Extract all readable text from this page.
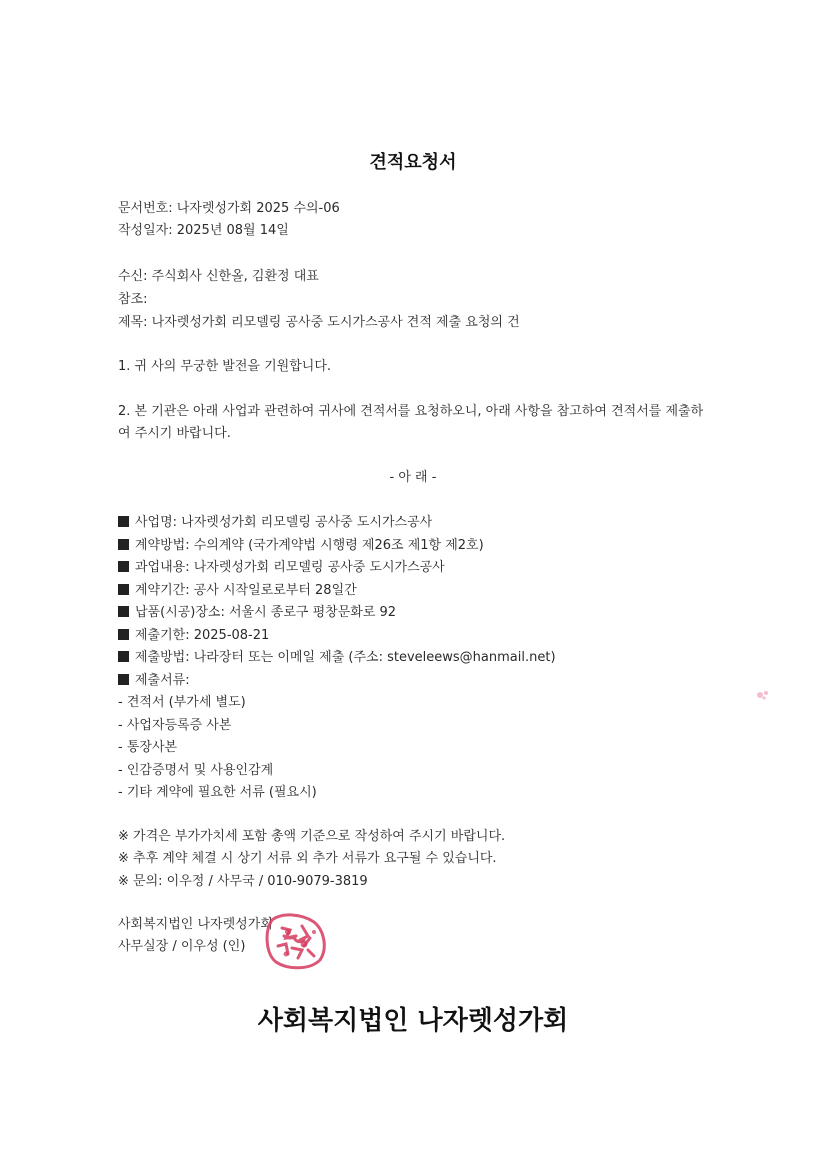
견적요청서
문서번호: 나자렛성가회 2025 수의-06
작성일자: 2025년 08월 14일
수신: 주식회사 신한올, 김환정 대표
참조:
제목: 나자렛성가회 리모델링 공사중 도시가스공사 견적 제출 요청의 건
1. 귀 사의 무궁한 발전을 기원합니다.
2. 본 기관은 아래 사업과 관련하여 귀사에 견적서를 요청하오니, 아래 사항을 참고하여 견적서를 제출하여 주시기 바랍니다.
- 아 래 -
사업명: 나자렛성가회 리모델링 공사중 도시가스공사
계약방법: 수의계약 (국가계약법 시행령 제26조 제1항 제2호)
과업내용: 나자렛성가회 리모델링 공사중 도시가스공사
계약기간: 공사 시작일로로부터 28일간
납품(시공)장소: 서울시 종로구 평창문화로 92
제출기한: 2025-08-21
제출방법: 나라장터 또는 이메일 제출 (주소: steveleews@hanmail.net)
제출서류:
- 견적서 (부가세 별도)
- 사업자등록증 사본
- 통장사본
- 인감증명서 및 사용인감계
- 기타 계약에 필요한 서류 (필요시)
※ 가격은 부가가치세 포함 총액 기준으로 작성하여 주시기 바랍니다.
※ 추후 계약 체결 시 상기 서류 외 추가 서류가 요구될 수 있습니다.
※ 문의: 이우정 / 사무국 / 010-9079-3819
사회복지법인 나자렛성가회
사무실장 / 이우성 (인)
사회복지법인 나자렛성가회
